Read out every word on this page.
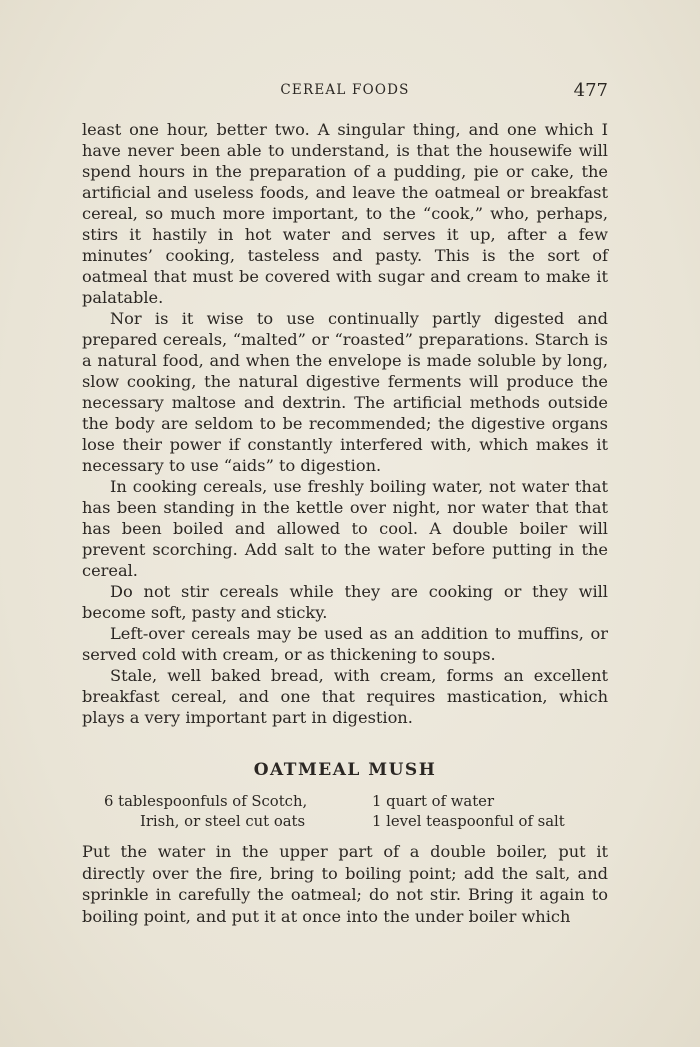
CEREAL FOODS	477

least one hour, better two. A singular thing, and one which I have never been able to understand, is that the housewife will spend hours in the preparation of a pudding, pie or cake, the artificial and useless foods, and leave the oatmeal or breakfast cereal, so much more important, to the “cook,” who, perhaps, stirs it hastily in hot water and serves it up, after a few minutes’ cooking, tasteless and pasty. This is the sort of oatmeal that must be covered with sugar and cream to make it palatable.

Nor is it wise to use continually partly digested and prepared cereals, “malted” or “roasted” preparations. Starch is a natural food, and when the envelope is made soluble by long, slow cooking, the natural digestive ferments will produce the necessary maltose and dextrin. The artificial methods outside the body are seldom to be recommended; the digestive organs lose their power if constantly interfered with, which makes it necessary to use “aids” to digestion.

In cooking cereals, use freshly boiling water, not water that has been standing in the kettle over night, nor water that that has been boiled and allowed to cool. A double boiler will prevent scorching. Add salt to the water before putting in the cereal.

Do not stir cereals while they are cooking or they will become soft, pasty and sticky.

Left-over cereals may be used as an addition to muffins, or served cold with cream, or as thickening to soups.

Stale, well baked bread, with cream, forms an excellent breakfast cereal, and one that requires mastication, which plays a very important part in digestion.

OATMEAL MUSH
6 tablespoonfuls of Scotch,
Irish, or steel cut oats
1 quart of water
1 level teaspoonful of salt

Put the water in the upper part of a double boiler, put it directly over the fire, bring to boiling point; add the salt, and sprinkle in carefully the oatmeal; do not stir. Bring it again to boiling point, and put it at once into the under boiler which
